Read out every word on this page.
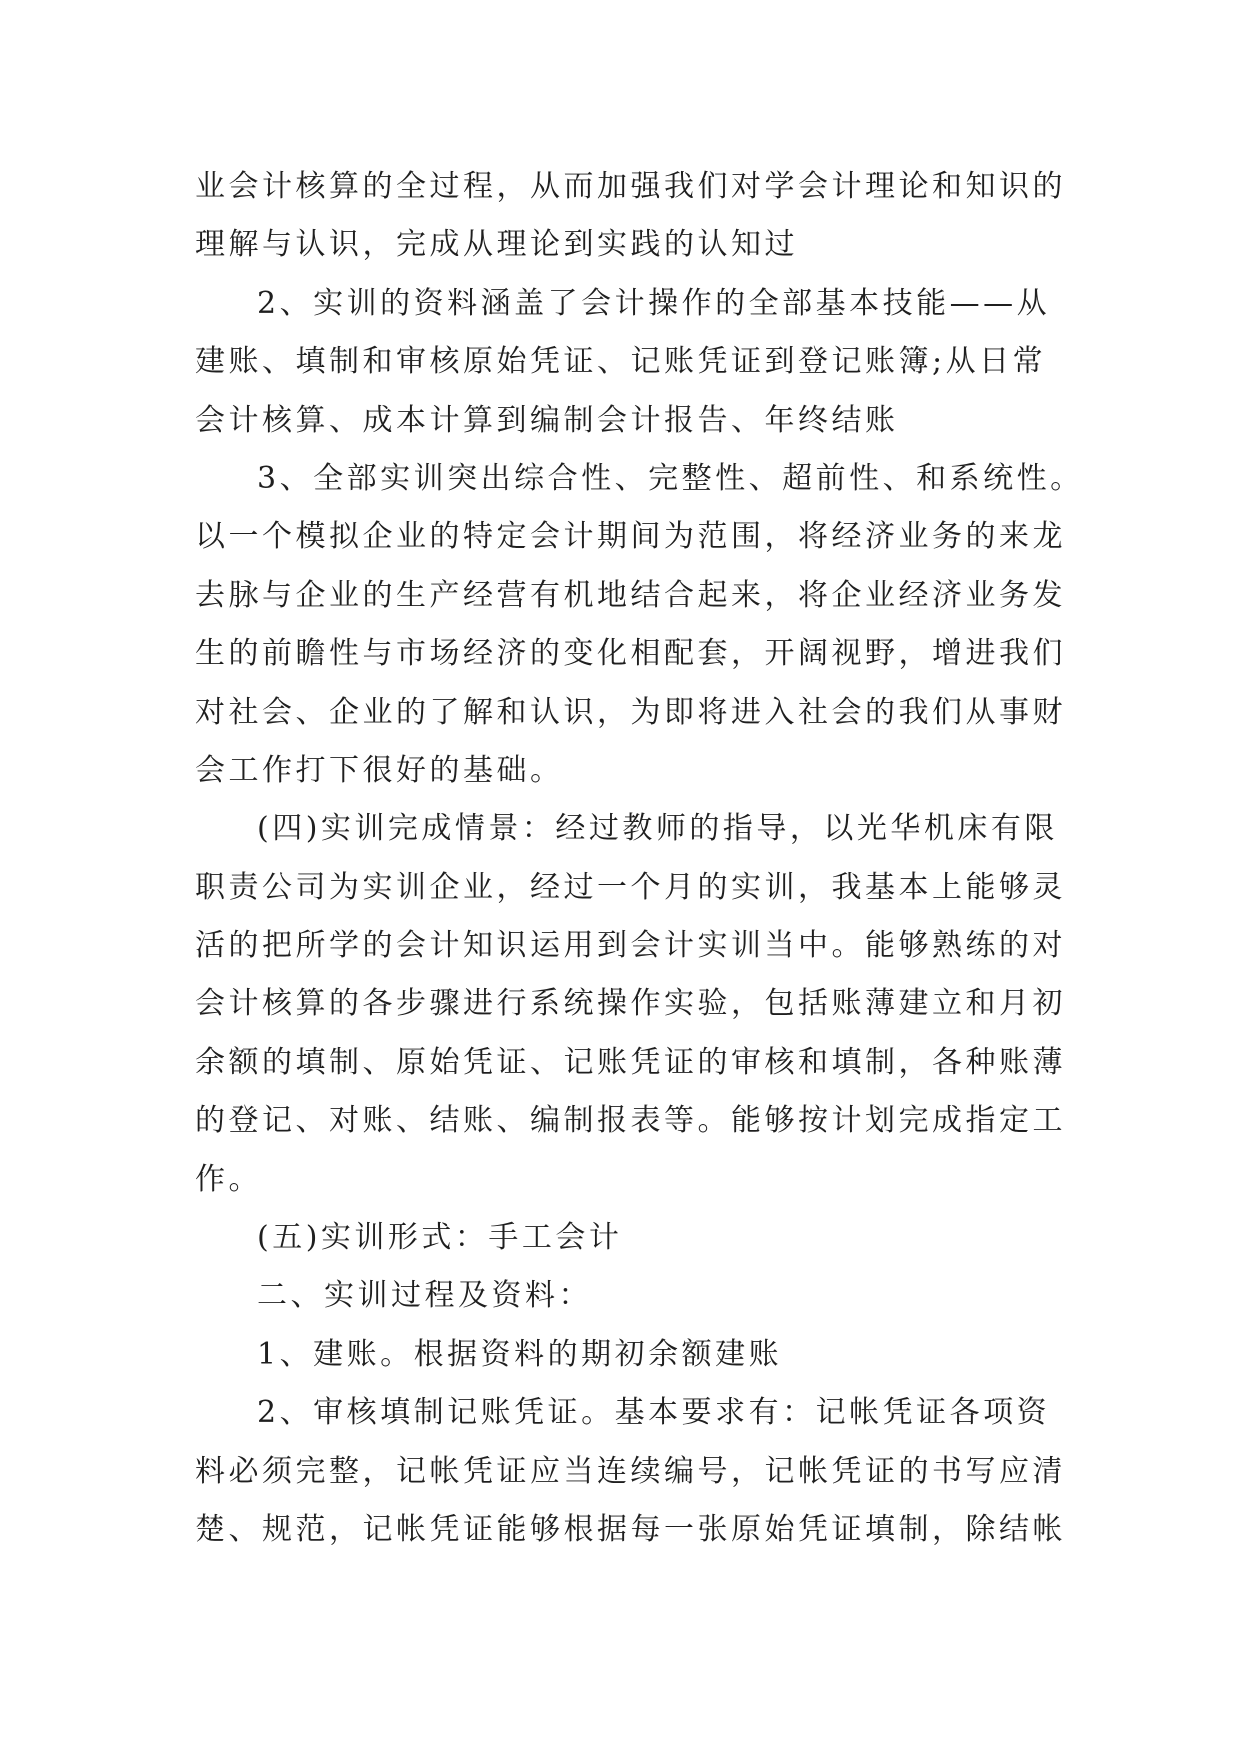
业会计核算的全过程，从而加强我们对学会计理论和知识的
理解与认识，完成从理论到实践的认知过
2、实训的资料涵盖了会计操作的全部基本技能——从
建账、填制和审核原始凭证、记账凭证到登记账簿;从日常
会计核算、成本计算到编制会计报告、年终结账
3、全部实训突出综合性、完整性、超前性、和系统性。
以一个模拟企业的特定会计期间为范围，将经济业务的来龙
去脉与企业的生产经营有机地结合起来，将企业经济业务发
生的前瞻性与市场经济的变化相配套，开阔视野，增进我们
对社会、企业的了解和认识，为即将进入社会的我们从事财
会工作打下很好的基础。
(四)实训完成情景：经过教师的指导，以光华机床有限
职责公司为实训企业，经过一个月的实训，我基本上能够灵
活的把所学的会计知识运用到会计实训当中。能够熟练的对
会计核算的各步骤进行系统操作实验，包括账薄建立和月初
余额的填制、原始凭证、记账凭证的审核和填制，各种账薄
的登记、对账、结账、编制报表等。能够按计划完成指定工
作。
(五)实训形式：手工会计
二、实训过程及资料：
1、建账。根据资料的期初余额建账
2、审核填制记账凭证。基本要求有：记帐凭证各项资
料必须完整，记帐凭证应当连续编号，记帐凭证的书写应清
楚、规范，记帐凭证能够根据每一张原始凭证填制，除结帐
